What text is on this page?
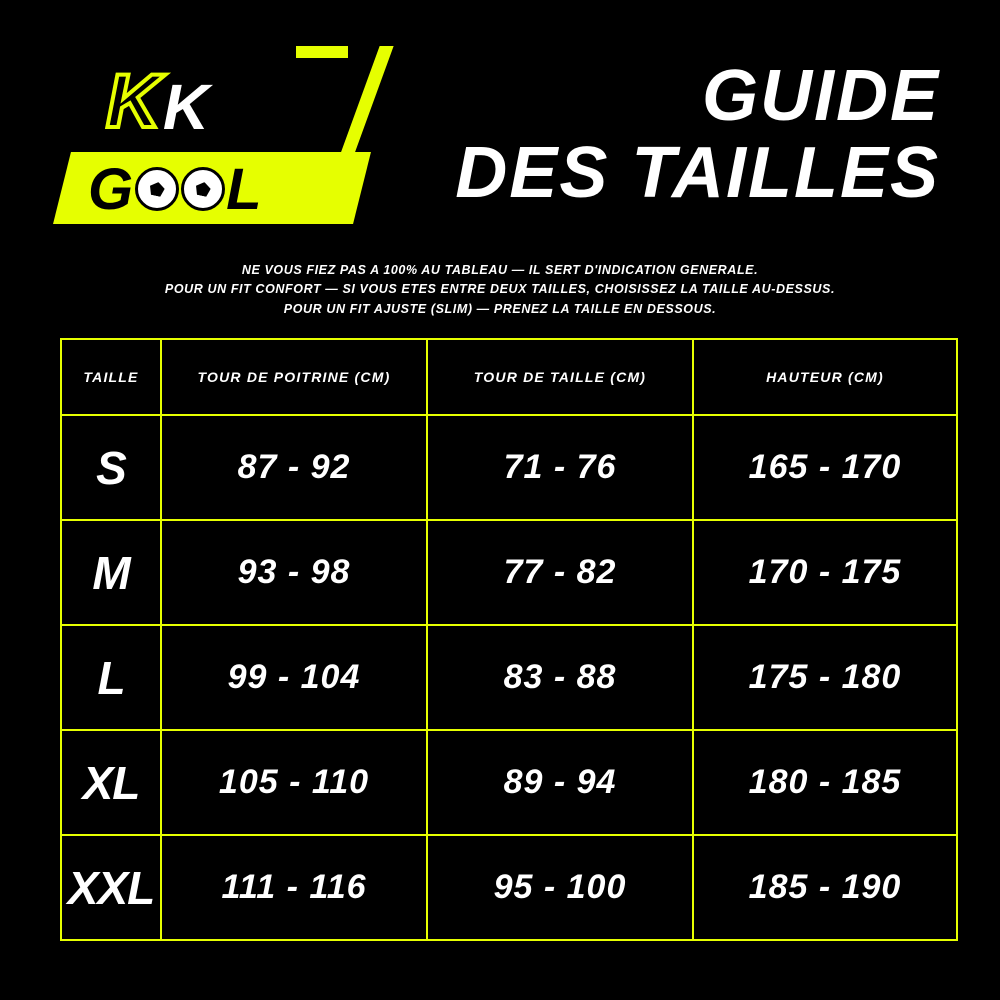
K K
G L
GUIDE
DES TAILLES
NE VOUS FIEZ PAS A 100% AU TABLEAU — IL SERT D'INDICATION GENERALE.
POUR UN FIT CONFORT — SI VOUS ETES ENTRE DEUX TAILLES, CHOISISSEZ LA TAILLE AU-DESSUS.
POUR UN FIT AJUSTE (SLIM) — PRENEZ LA TAILLE EN DESSOUS.
TAILLE	TOUR DE POITRINE (CM)	TOUR DE TAILLE (CM)	HAUTEUR (CM)
S	87 - 92	71 - 76	165 - 170
M	93 - 98	77 - 82	170 - 175
L	99 - 104	83 - 88	175 - 180
XL	105 - 110	89 - 94	180 - 185
XXL	111 - 116	95 - 100	185 - 190
